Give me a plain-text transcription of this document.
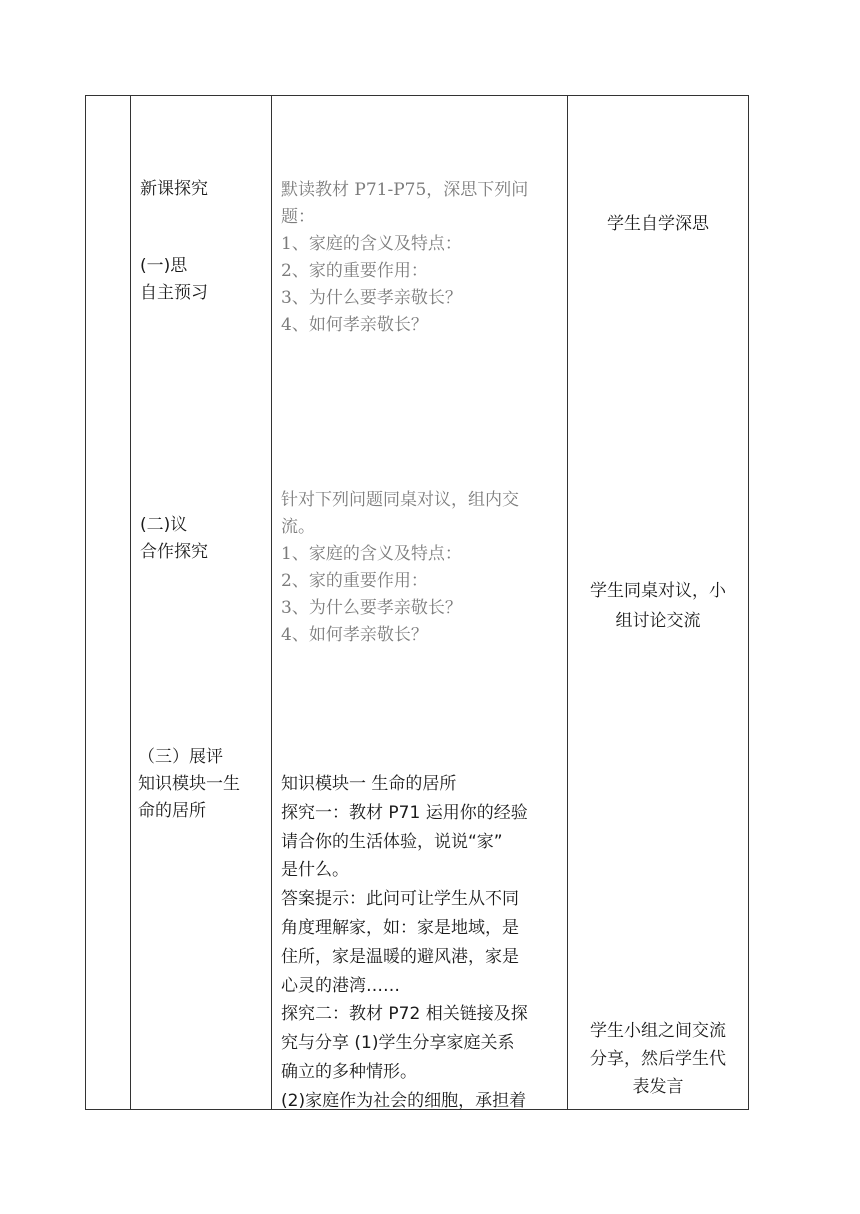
新课探究
(一)思
自主预习
(二)议
合作探究
（三）展评
知识模块一生
命的居所
默读教材 P71-P75，深思下列问
题：
1、家庭的含义及特点：
2、家的重要作用：
3、为什么要孝亲敬长？
4、如何孝亲敬长？
针对下列问题同桌对议，组内交
流。
1、家庭的含义及特点：
2、家的重要作用：
3、为什么要孝亲敬长？
4、如何孝亲敬长？
知识模块一 生命的居所
探究一：教材 P71 运用你的经验
请合你的生活体验，说说“家”
是什么。
答案提示：此问可让学生从不同
角度理解家，如：家是地域，是
住所，家是温暖的避风港，家是
心灵的港湾……
探究二：教材 P72 相关链接及探
究与分享 (1)学生分享家庭关系
确立的多种情形。
(2)家庭作为社会的细胞，承担着
学生自学深思
学生同桌对议，小
组讨论交流
学生小组之间交流
分享，然后学生代
表发言
